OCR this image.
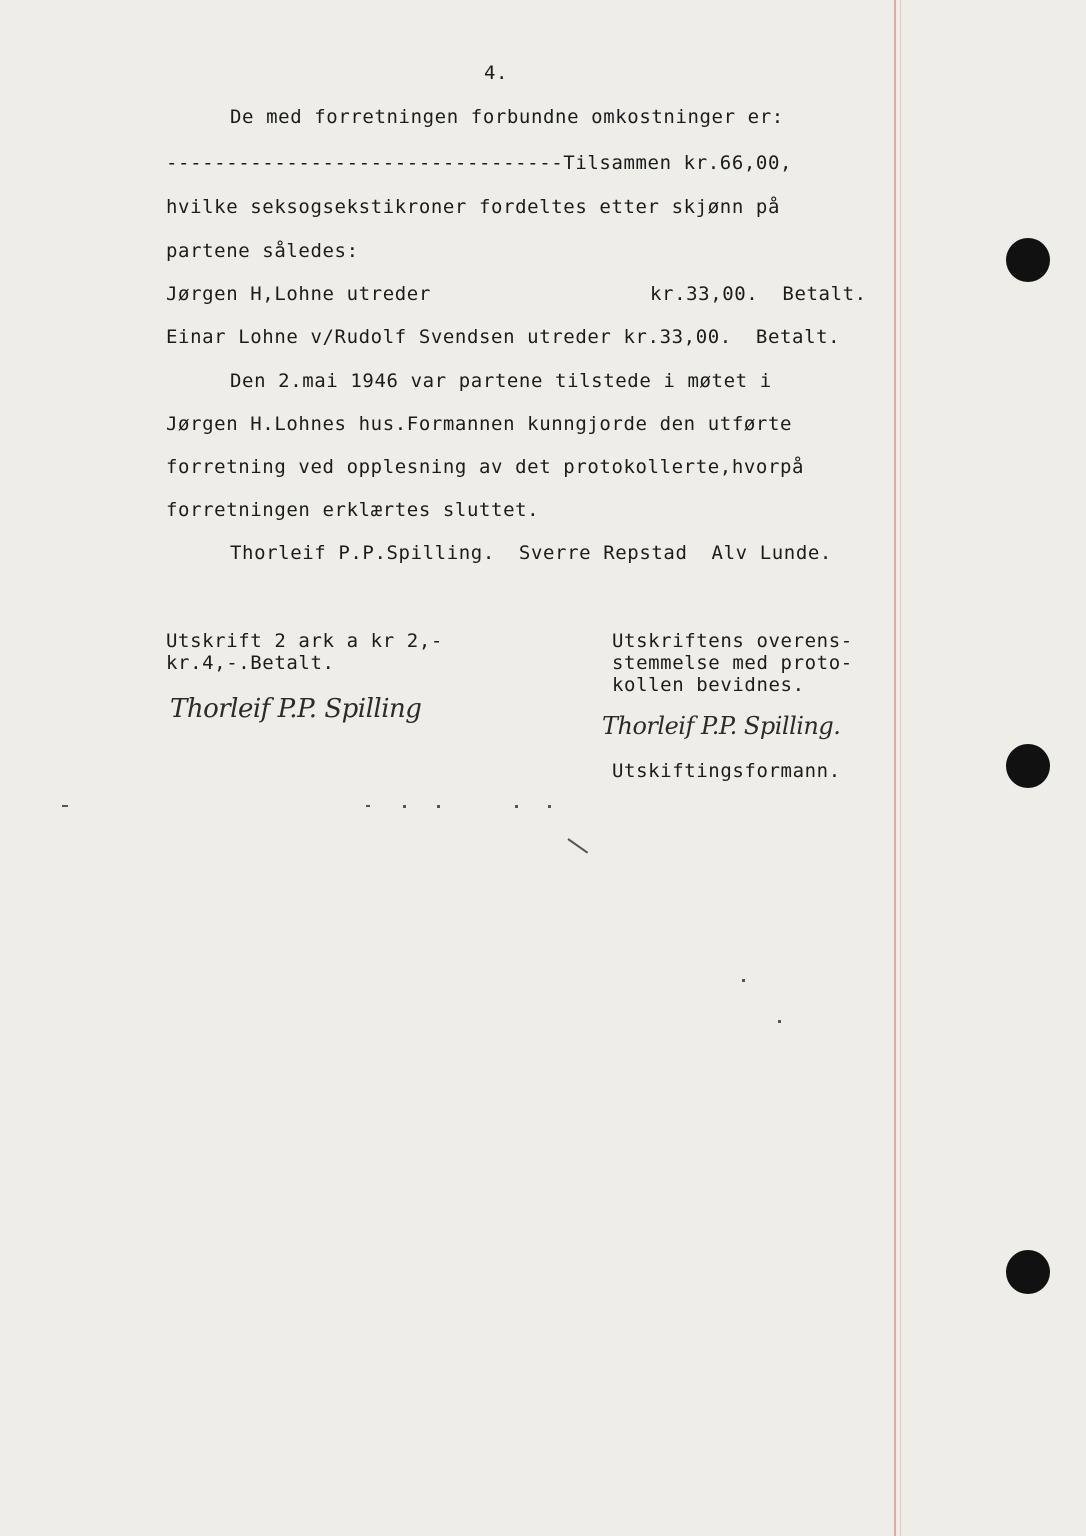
4.
De med forretningen forbundne omkostninger er:
---------------------------------Tilsammen kr.66,00,
hvilke seksogsekstikroner fordeltes etter skjønn på
partene således:
Jørgen H,Lohne utreder	kr.33,00.  Betalt.
Einar Lohne v/Rudolf Svendsen utreder kr.33,00.  Betalt.
Den 2.mai 1946 var partene tilstede i møtet i
Jørgen H.Lohnes hus.Formannen kunngjorde den utførte
forretning ved opplesning av det protokollerte,hvorpå
forretningen erklærtes sluttet.
Thorleif P.P.Spilling.  Sverre Repstad  Alv Lunde.
Utskrift 2 ark a kr 2,-
kr.4,-.Betalt.
Utskriftens overens-
stemmelse med proto-
kollen bevidnes.
Thorleif P.P. Spilling
Thorleif P.P. Spilling.
Utskiftingsformann.
